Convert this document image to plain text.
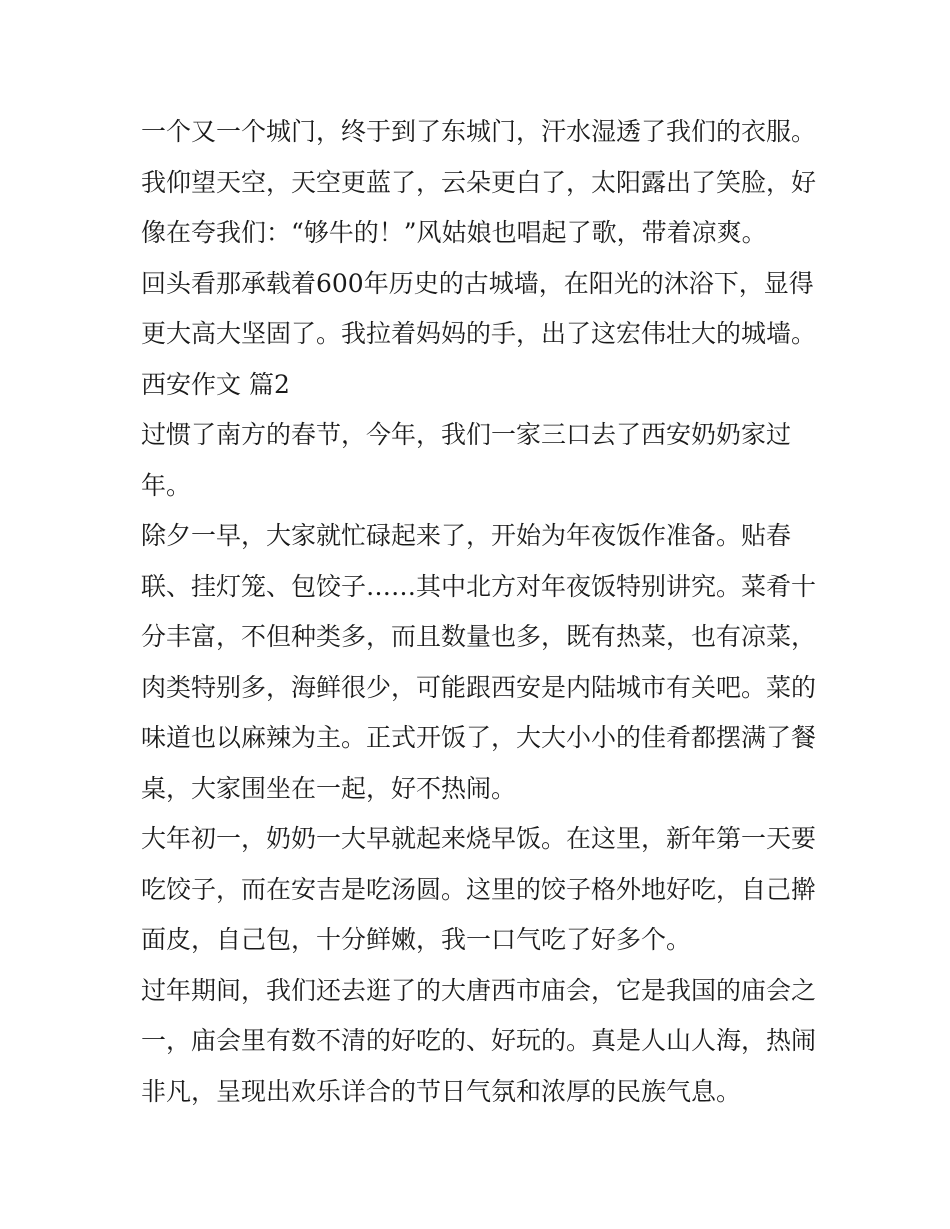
一个又一个城门，终于到了东城门，汗水湿透了我们的衣服。
我仰望天空，天空更蓝了，云朵更白了，太阳露出了笑脸，好
像在夸我们：“够牛的！”风姑娘也唱起了歌，带着凉爽。
回头看那承载着600年历史的古城墙，在阳光的沐浴下，显得
更大高大坚固了。我拉着妈妈的手，出了这宏伟壮大的城墙。
西安作文 篇2
过惯了南方的春节，今年，我们一家三口去了西安奶奶家过
年。
除夕一早，大家就忙碌起来了，开始为年夜饭作准备。贴春
联、挂灯笼、包饺子……其中北方对年夜饭特别讲究。菜肴十
分丰富，不但种类多，而且数量也多，既有热菜，也有凉菜，
肉类特别多，海鲜很少，可能跟西安是内陆城市有关吧。菜的
味道也以麻辣为主。正式开饭了，大大小小的佳肴都摆满了餐
桌，大家围坐在一起，好不热闹。
大年初一，奶奶一大早就起来烧早饭。在这里，新年第一天要
吃饺子，而在安吉是吃汤圆。这里的饺子格外地好吃，自己擀
面皮，自己包，十分鲜嫩，我一口气吃了好多个。
过年期间，我们还去逛了的大唐西市庙会，它是我国的庙会之
一，庙会里有数不清的好吃的、好玩的。真是人山人海，热闹
非凡，呈现出欢乐详合的节日气氛和浓厚的民族气息。
